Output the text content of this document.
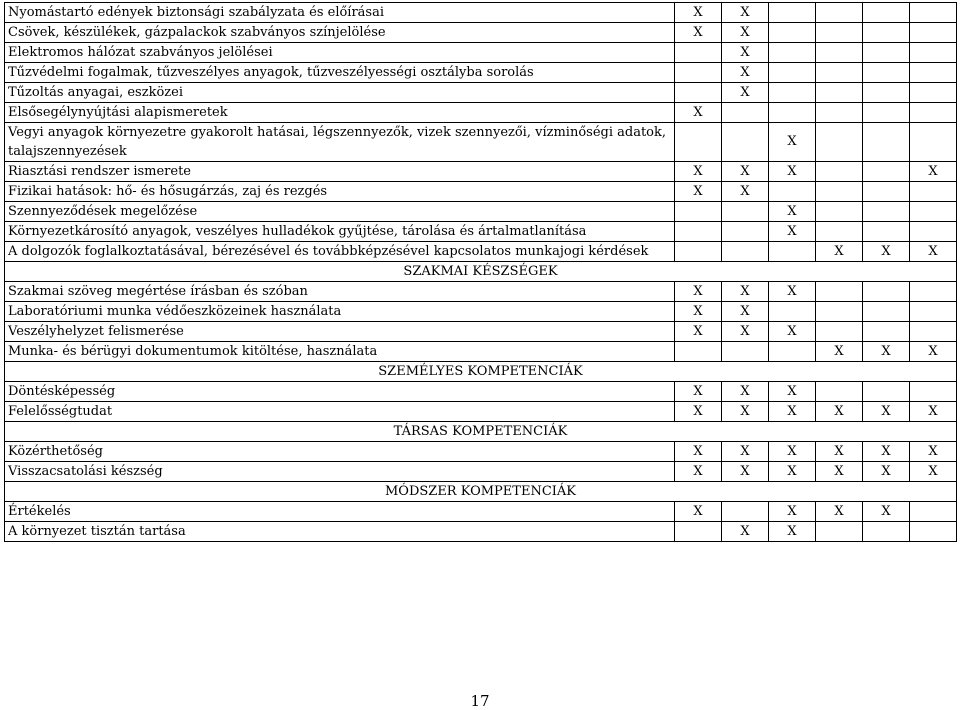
Nyomástartó edények biztonsági szabályzata és előírásai	X	X				
Csövek, készülékek, gázpalackok szabványos színjelölése	X	X				
Elektromos hálózat szabványos jelölései		X				
Tűzvédelmi fogalmak, tűzveszélyes anyagok, tűzveszélyességi osztályba sorolás		X				
Tűzoltás anyagai, eszközei		X				
Elsősegélynyújtási alapismeretek	X					
Vegyi anyagok környezetre gyakorolt hatásai, légszennyezők, vizek szennyezői, vízminőségi adatok, talajszennyezések			X			
Riasztási rendszer ismerete	X	X	X			X
Fizikai hatások: hő- és hősugárzás, zaj és rezgés	X	X				
Szennyeződések megelőzése			X			
Környezetkárosító anyagok, veszélyes hulladékok gyűjtése, tárolása és ártalmatlanítása			X			
A dolgozók foglalkoztatásával, bérezésével és továbbképzésével kapcsolatos munkajogi kérdések				X	X	X
SZAKMAI KÉSZSÉGEK						
Szakmai szöveg megértése írásban és szóban	X	X	X			
Laboratóriumi munka védőeszközeinek használata	X	X				
Veszélyhelyzet felismerése	X	X	X			
Munka- és bérügyi dokumentumok kitöltése, használata				X	X	X
SZEMÉLYES KOMPETENCIÁK						
Döntésképesség	X	X	X			
Felelősségtudat	X	X	X	X	X	X
TÁRSAS KOMPETENCIÁK						
Közérthetőség	X	X	X	X	X	X
Visszacsatolási készség	X	X	X	X	X	X
MÓDSZER KOMPETENCIÁK						
Értékelés	X		X	X	X	
A környezet tisztán tartása		X	X			
17
